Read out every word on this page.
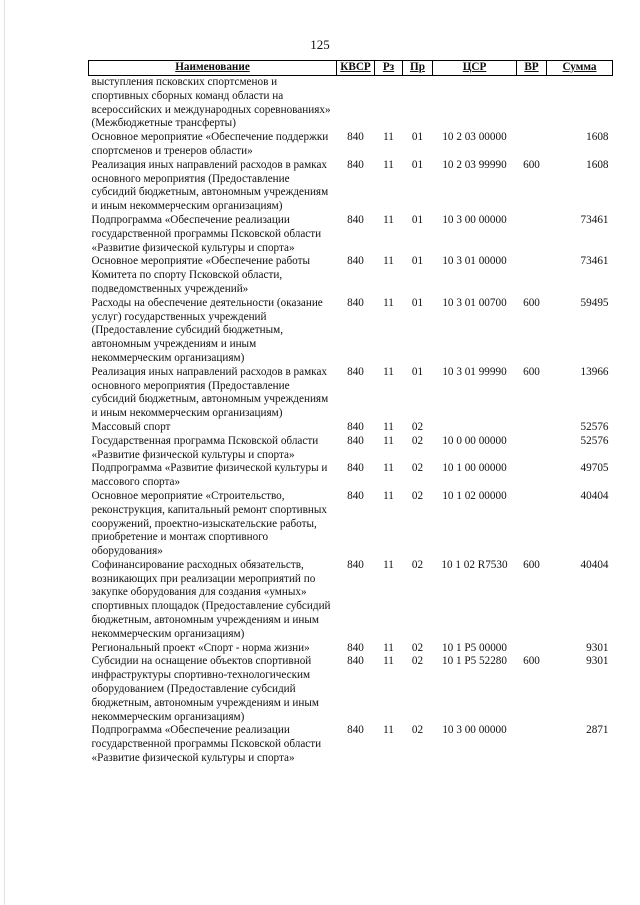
125
Наименование	КВСР	Рз	Пр	ЦСР	ВР	Сумма
выступления псковских спортсменов и спортивных сборных команд области на всероссийских и международных соревнованиях» (Межбюджетные трансферты)						
Основное мероприятие «Обеспечение поддержки спортсменов и тренеров области»	840	11	01	10 2 03 00000		1608
Реализация иных направлений расходов в рамках основного мероприятия (Предоставление субсидий бюджетным, автономным учреждениям и иным некоммерческим организациям)	840	11	01	10 2 03 99990	600	1608
Подпрограмма «Обеспечение реализации государственной программы Псковской области «Развитие физической культуры и спорта»	840	11	01	10 3 00 00000		73461
Основное мероприятие «Обеспечение работы Комитета по спорту Псковской области, подведомственных учреждений»	840	11	01	10 3 01 00000		73461
Расходы на обеспечение деятельности (оказание услуг) государственных учреждений (Предоставление субсидий бюджетным, автономным учреждениям и иным некоммерческим организациям)	840	11	01	10 3 01 00700	600	59495
Реализация иных направлений расходов в рамках основного мероприятия (Предоставление субсидий бюджетным, автономным учреждениям и иным некоммерческим организациям)	840	11	01	10 3 01 99990	600	13966
Массовый спорт	840	11	02			52576
Государственная программа Псковской области «Развитие физической культуры и спорта»	840	11	02	10 0 00 00000		52576
Подпрограмма «Развитие физической культуры и массового спорта»	840	11	02	10 1 00 00000		49705
Основное мероприятие «Строительство, реконструкция, капитальный ремонт спортивных сооружений, проектно-изыскательские работы, приобретение и монтаж спортивного оборудования»	840	11	02	10 1 02 00000		40404
Софинансирование расходных обязательств, возникающих при реализации мероприятий по закупке оборудования для создания «умных» спортивных площадок (Предоставление субсидий бюджетным, автономным учреждениям и иным некоммерческим организациям)	840	11	02	10 1 02 R7530	600	40404
Региональный проект «Спорт - норма жизни»	840	11	02	10 1 P5 00000		9301
Субсидии на оснащение объектов спортивной инфраструктуры спортивно-технологическим оборудованием (Предоставление субсидий бюджетным, автономным учреждениям и иным некоммерческим организациям)	840	11	02	10 1 P5 52280	600	9301
Подпрограмма «Обеспечение реализации государственной программы Псковской области «Развитие физической культуры и спорта»	840	11	02	10 3 00 00000		2871
